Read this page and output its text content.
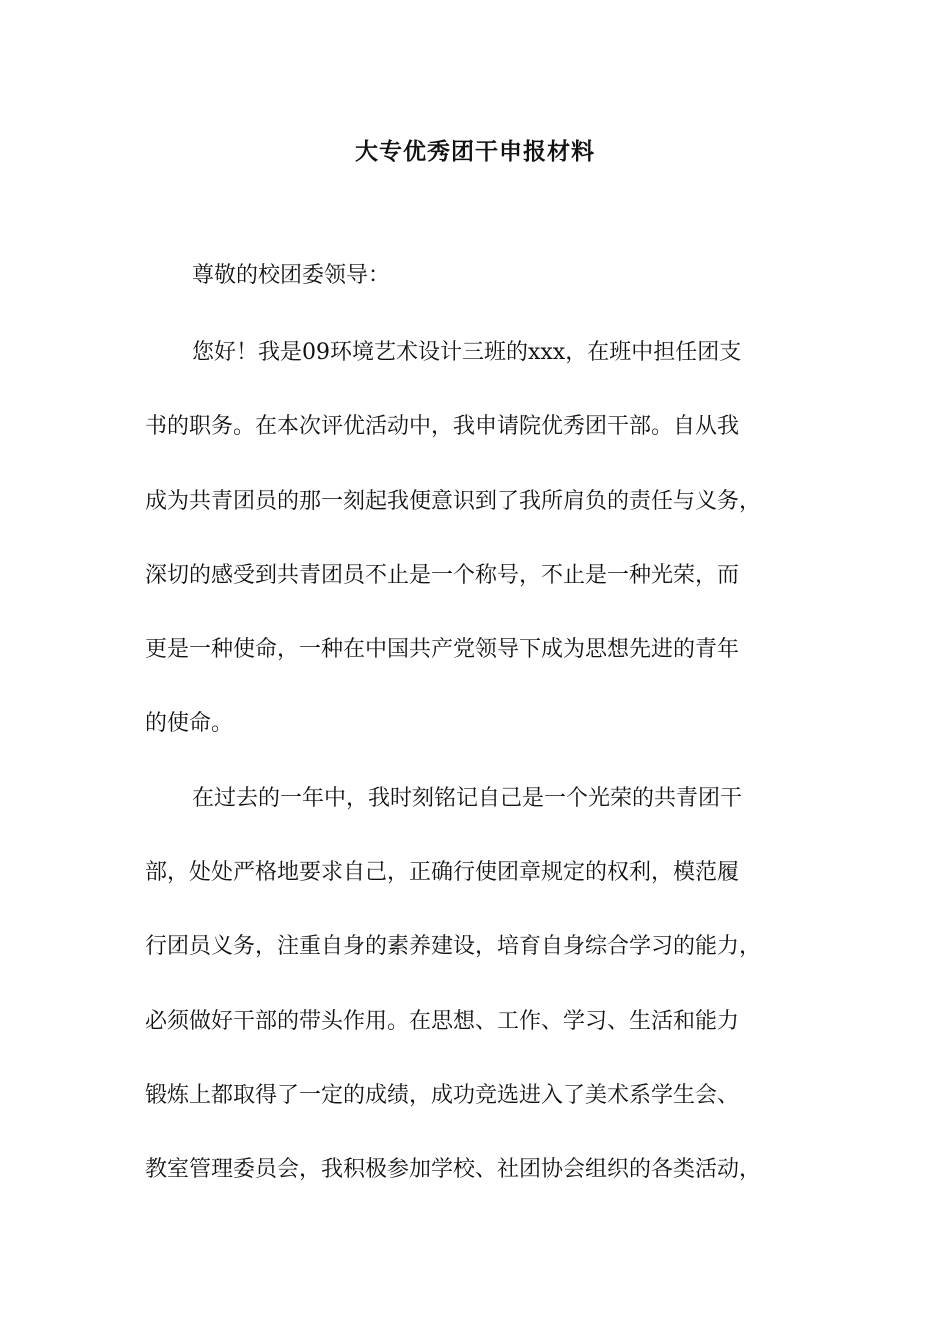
大专优秀团干申报材料
尊敬的校团委领导：
您好！我是09环境艺术设计三班的xxx，在班中担任团支
书的职务。在本次评优活动中，我申请院优秀团干部。自从我
成为共青团员的那一刻起我便意识到了我所肩负的责任与义务，
深切的感受到共青团员不止是一个称号，不止是一种光荣，而
更是一种使命，一种在中国共产党领导下成为思想先进的青年
的使命。
在过去的一年中，我时刻铭记自己是一个光荣的共青团干
部，处处严格地要求自己，正确行使团章规定的权利，模范履
行团员义务，注重自身的素养建设，培育自身综合学习的能力，
必须做好干部的带头作用。在思想、工作、学习、生活和能力
锻炼上都取得了一定的成绩，成功竞选进入了美术系学生会、
教室管理委员会，我积极参加学校、社团协会组织的各类活动，
